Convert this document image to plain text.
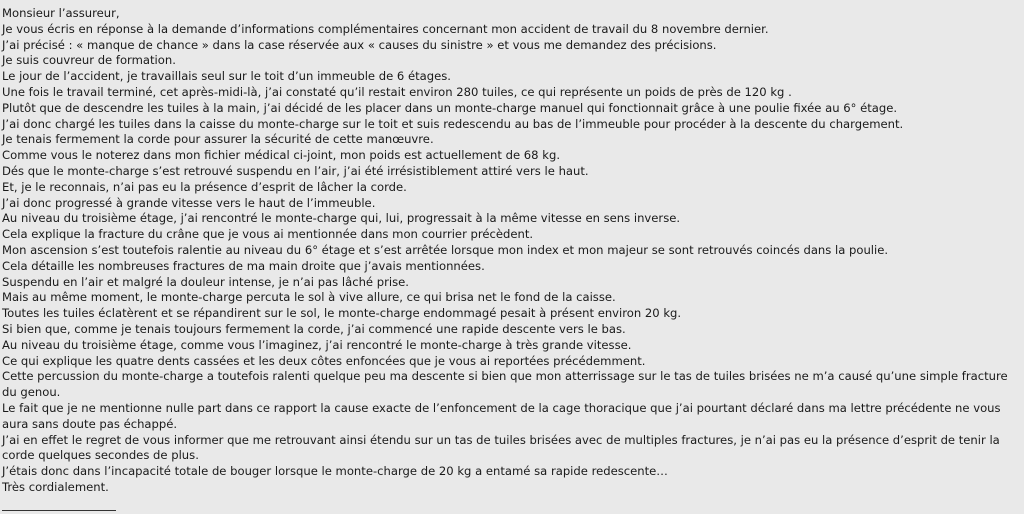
Monsieur l’assureur,
Je vous écris en réponse à la demande d’informations complémentaires concernant mon accident de travail du 8 novembre dernier.
J’ai précisé : « manque de chance » dans la case réservée aux « causes du sinistre » et vous me demandez des précisions.
Je suis couvreur de formation.
Le jour de l’accident, je travaillais seul sur le toit d’un immeuble de 6 étages.
Une fois le travail terminé, cet après-midi-là, j’ai constaté qu’il restait environ 280 tuiles, ce qui représente un poids de près de 120 kg .
Plutôt que de descendre les tuiles à la main, j’ai décidé de les placer dans un monte-charge manuel qui fonctionnait grâce à une poulie fixée au 6° étage.
J’ai donc chargé les tuiles dans la caisse du monte-charge sur le toit et suis redescendu au bas de l’immeuble pour procéder à la descente du chargement.
Je tenais fermement la corde pour assurer la sécurité de cette manœuvre.
Comme vous le noterez dans mon fichier médical ci-joint, mon poids est actuellement de 68 kg.
Dés que le monte-charge s’est retrouvé suspendu en l’air, j’ai été irrésistiblement attiré vers le haut.
Et, je le reconnais, n’ai pas eu la présence d’esprit de lâcher la corde.
J’ai donc progressé à grande vitesse vers le haut de l’immeuble.
Au niveau du troisième étage, j’ai rencontré le monte-charge qui, lui, progressait à la même vitesse en sens inverse.
Cela explique la fracture du crâne que je vous ai mentionnée dans mon courrier précèdent.
Mon ascension s’est toutefois ralentie au niveau du 6° étage et s’est arrêtée lorsque mon index et mon majeur se sont retrouvés coincés dans la poulie.
Cela détaille les nombreuses fractures de ma main droite que j’avais mentionnées.
Suspendu en l’air et malgré la douleur intense, je n’ai pas lâché prise.
Mais au même moment, le monte-charge percuta le sol à vive allure, ce qui brisa net le fond de la caisse.
Toutes les tuiles éclatèrent et se répandirent sur le sol, le monte-charge endommagé pesait à présent environ 20 kg.
Si bien que, comme je tenais toujours fermement la corde, j’ai commencé une rapide descente vers le bas.
Au niveau du troisième étage, comme vous l’imaginez, j’ai rencontré le monte-charge à très grande vitesse.
Ce qui explique les quatre dents cassées et les deux côtes enfoncées que je vous ai reportées précédemment.
Cette percussion du monte-charge a toutefois ralenti quelque peu ma descente si bien que mon atterrissage sur le tas de tuiles brisées ne m’a causé qu’une simple fracture du genou.
Le fait que je ne mentionne nulle part dans ce rapport la cause exacte de l’enfoncement de la cage thoracique que j’ai pourtant déclaré dans ma lettre précédente ne vous aura sans doute pas échappé.
J’ai en effet le regret de vous informer que me retrouvant ainsi étendu sur un tas de tuiles brisées avec de multiples fractures, je n’ai pas eu la présence d’esprit de tenir la corde quelques secondes de plus.
J’étais donc dans l’incapacité totale de bouger lorsque le monte-charge de 20 kg a entamé sa rapide redescente…
Très cordialement.
